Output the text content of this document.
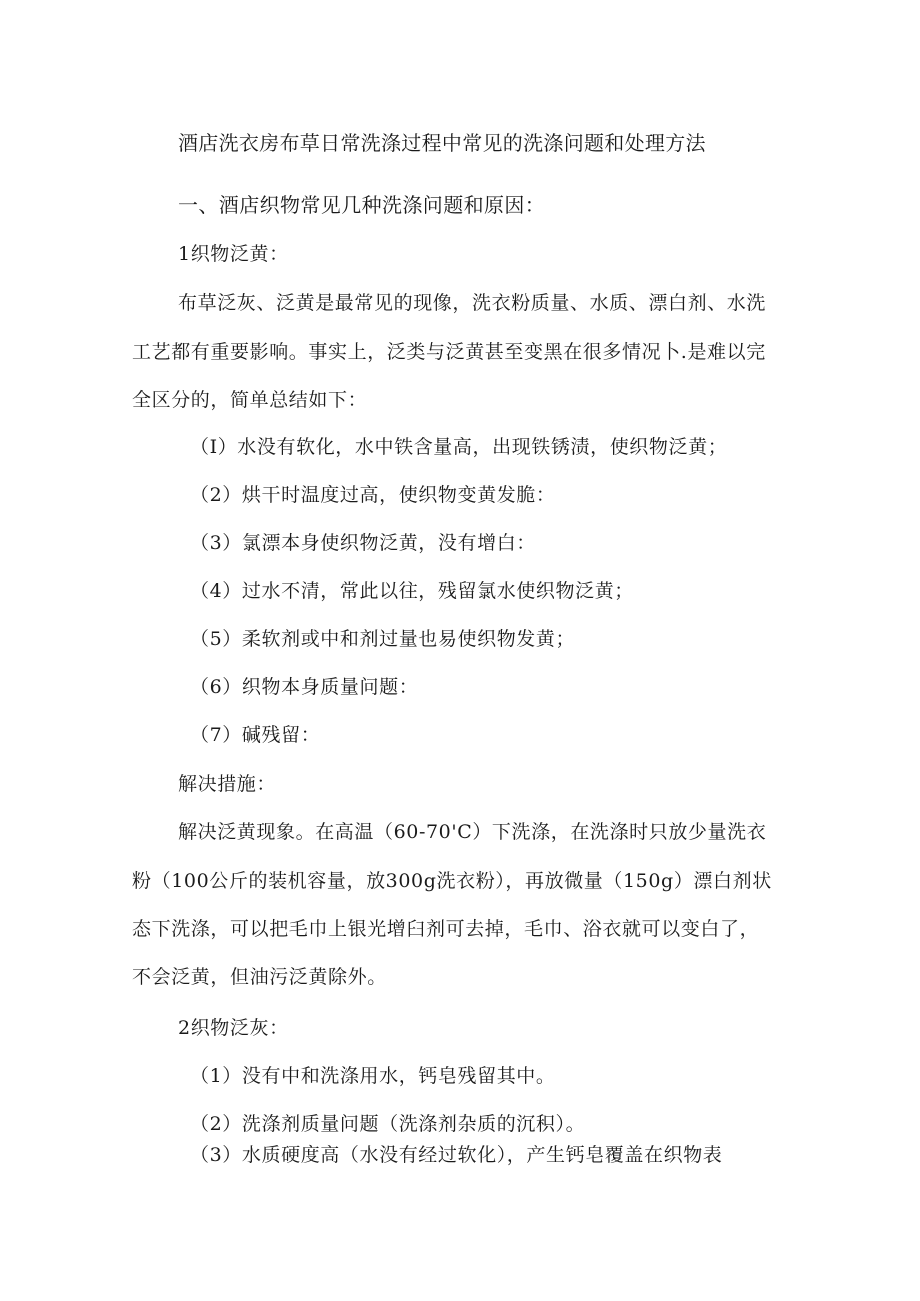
酒店洗衣房布草日常洗涤过程中常见的洗涤问题和处理方法
一、酒店织物常见几种洗涤问题和原因：
1织物泛黄：
布草泛灰、泛黄是最常见的现像，洗衣粉质量、水质、漂白剂、水洗
工艺都有重要影响。事实上，泛类与泛黄甚至变黑在很多情况卜.是难以完
全区分的，简单总结如下：
（I）水没有软化，水中铁含量高，出现铁锈渍，使织物泛黄；
（2）烘干时温度过高，使织物变黄发脆：
（3）氯漂本身使织物泛黄，没有增白：
（4）过水不清，常此以往，残留氯水使织物泛黄；
（5）柔软剂或中和剂过量也易使织物发黄；
（6）织物本身质量问题：
（7）碱残留：
解决措施：
解决泛黄现象。在高温（60-70'C）下洗涤，在洗涤时只放少量洗衣
粉（100公斤的装机容量，放300g洗衣粉），再放微量（150g）漂白剂状
态下洗涤，可以把毛巾上银光增臼剂可去掉，毛巾、浴衣就可以变白了，
不会泛黄，但油污泛黄除外。
2织物泛灰：
（1）没有中和洗涤用水，钙皂残留其中。
（2）洗涤剂质量问题（洗涤剂杂质的沉积）。
（3）水质硬度高（水没有经过软化），产生钙皂覆盖在织物表
